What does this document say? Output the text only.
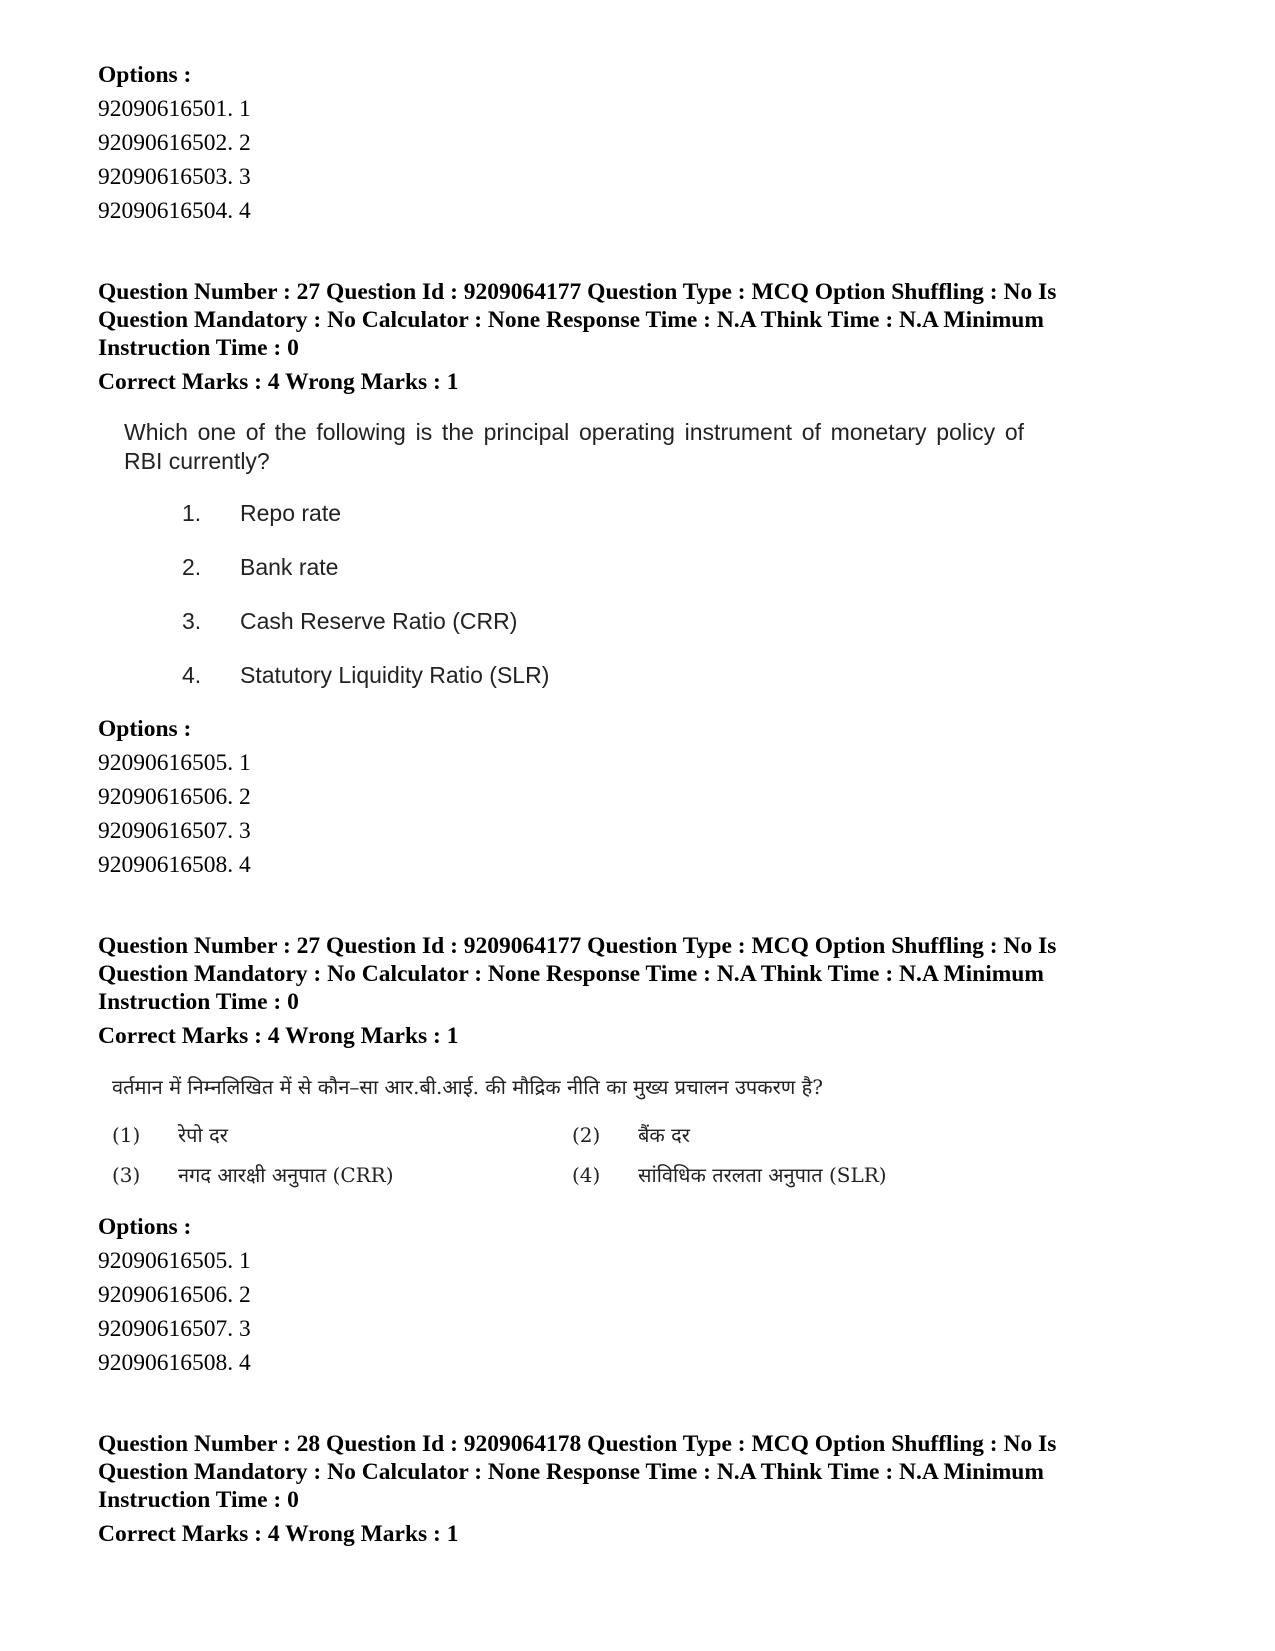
Options :
92090616501. 1
92090616502. 2
92090616503. 3
92090616504. 4
Question Number : 27 Question Id : 9209064177 Question Type : MCQ Option Shuffling : No Is
Question Mandatory : No Calculator : None Response Time : N.A Think Time : N.A Minimum
Instruction Time : 0
Correct Marks : 4 Wrong Marks : 1
Which one of the following is the principal operating instrument of monetary policy of RBI currently?
1.	Repo rate
2.	Bank rate
3.	Cash Reserve Ratio (CRR)
4.	Statutory Liquidity Ratio (SLR)
Options :
92090616505. 1
92090616506. 2
92090616507. 3
92090616508. 4
Question Number : 27 Question Id : 9209064177 Question Type : MCQ Option Shuffling : No Is
Question Mandatory : No Calculator : None Response Time : N.A Think Time : N.A Minimum
Instruction Time : 0
Correct Marks : 4 Wrong Marks : 1
वर्तमान में निम्नलिखित में से कौन–सा आर.बी.आई. की मौद्रिक नीति का मुख्य प्रचालन उपकरण है?
(1)	रेपो दर	(2)	बैंक दर
(3)	नगद आरक्षी अनुपात (CRR)	(4)	सांविधिक तरलता अनुपात (SLR)
Options :
92090616505. 1
92090616506. 2
92090616507. 3
92090616508. 4
Question Number : 28 Question Id : 9209064178 Question Type : MCQ Option Shuffling : No Is
Question Mandatory : No Calculator : None Response Time : N.A Think Time : N.A Minimum
Instruction Time : 0
Correct Marks : 4 Wrong Marks : 1
